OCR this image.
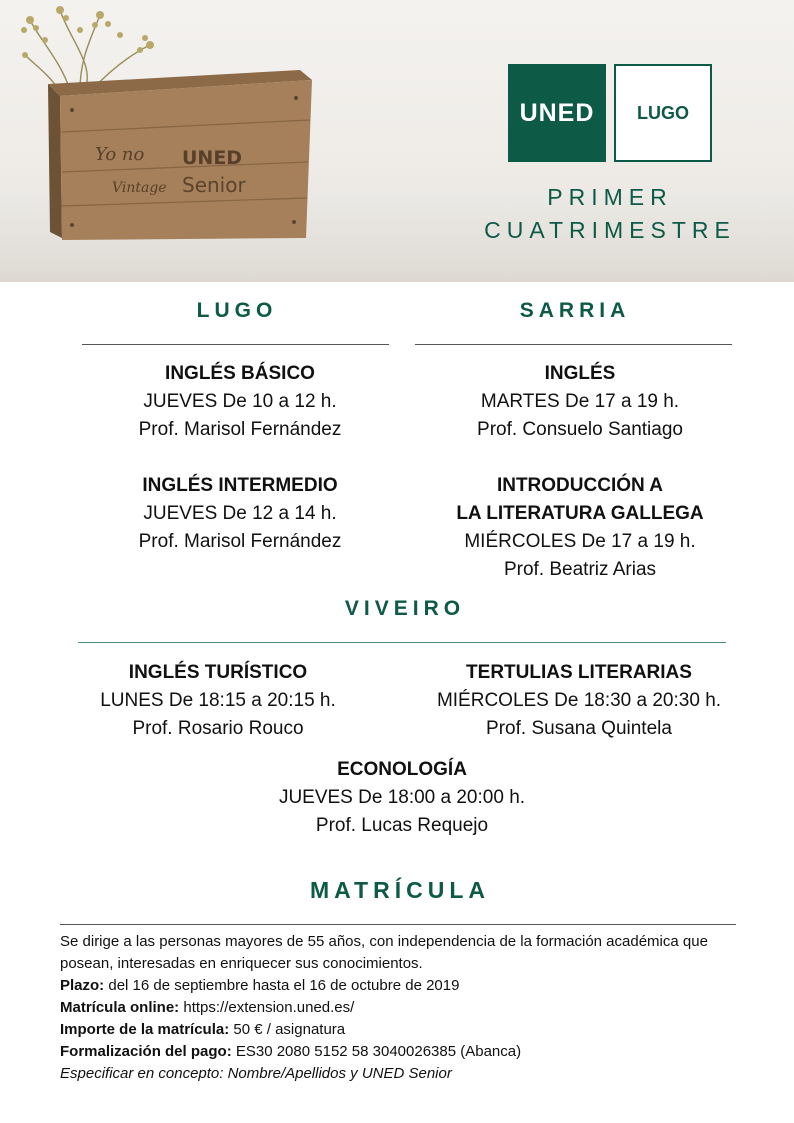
Yo no
Vintage
UNED
Senior
UNED	LUGO
PRIMER
CUATRIMESTRE
LUGO
INGLÉS BÁSICO
JUEVES De 10 a 12 h.
Prof. Marisol Fernández
INGLÉS INTERMEDIO
JUEVES De 12 a 14 h.
Prof. Marisol Fernández
SARRIA
INGLÉS
MARTES De 17 a 19 h.
Prof. Consuelo Santiago
INTRODUCCIÓN A
LA LITERATURA GALLEGA
MIÉRCOLES De 17 a 19 h.
Prof. Beatriz Arias
VIVEIRO
INGLÉS TURÍSTICO
LUNES De 18:15 a 20:15 h.
Prof. Rosario Rouco
TERTULIAS LITERARIAS
MIÉRCOLES De 18:30 a 20:30 h.
Prof. Susana Quintela
ECONOLOGÍA
JUEVES De 18:00 a 20:00 h.
Prof. Lucas Requejo
MATRÍCULA
Se dirige a las personas mayores de 55 años, con independencia de la formación académica que posean, interesadas en enriquecer sus conocimientos.
Plazo: del 16 de septiembre hasta el 16 de octubre de 2019
Matrícula online: https://extension.uned.es/
Importe de la matrícula: 50 € / asignatura
Formalización del pago: ES30 2080 5152 58 3040026385 (Abanca)
Especificar en concepto: Nombre/Apellidos y UNED Senior
